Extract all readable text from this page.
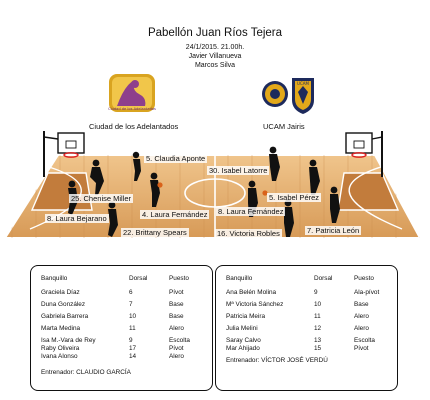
Pabellón Juan Ríos Tejera
24/1/2015. 21.00h.
Javier Villanueva
Marcos Silva
Ciudad de los Adelantados
Ciudad de los Adelantados
UCAM
UCAM Jairis
5. Claudia Aponte
25. Chenise Miller
8. Laura Bejarano	4. Laura Fernández
22. Brittany Spears
30. Isabel Latorre
5. Isabel Pérez
8. Laura Fernández
7. Patricia León
16. Victoria Robles
Banquillo	Dorsal	Puesto
Graciela Díaz	6	Pívot
Duna González	7	Base
Gabriela Barrera	10	Base
Marta Medina	11	Alero
Isa M.-Vara de Rey	9	Escolta
Raby Oliveira	17	Pívot
Ivana Alonso	14	Alero
Entrenador: CLAUDIO GARCÍA
Banquillo	Dorsal	Puesto
Ana Belén Molina	9	Ala-pívot
Mª Victoria Sánchez	10	Base
Patricia Meira	11	Alero
Julia Melini	12	Alero
Saray Calvo	13	Escolta
Mar Ahijado	15	Pívot
Entrenador: VÍCTOR JOSÉ VERDÚ
